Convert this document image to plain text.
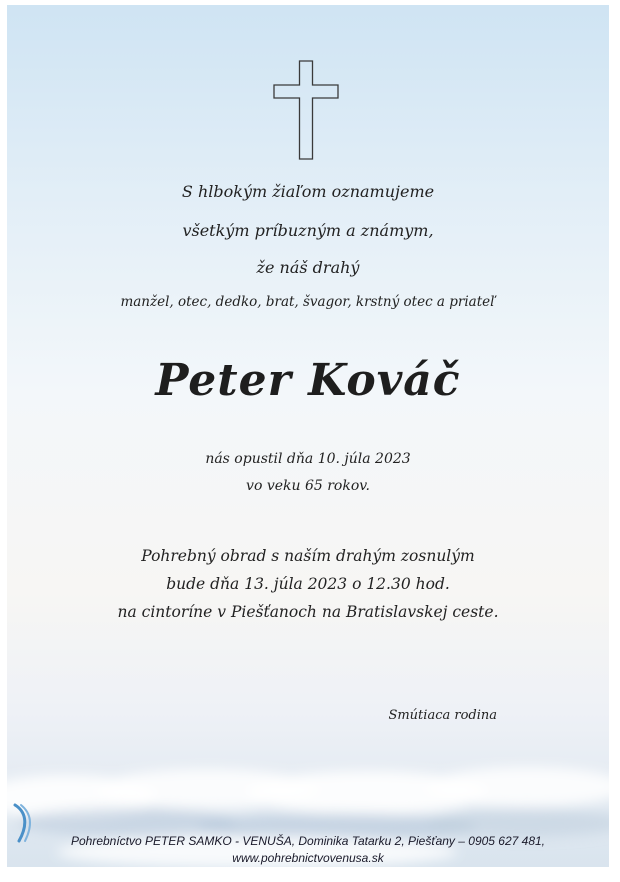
S hlbokým žiaľom oznamujeme
všetkým príbuzným a známym,
že náš drahý
manžel, otec, dedko, brat, švagor, krstný otec a priateľ
Peter Kováč
nás opustil dňa 10. júla 2023
vo veku 65 rokov.
Pohrebný obrad s naším drahým zosnulým
bude dňa 13. júla 2023 o 12.30 hod.
na cintoríne v Piešťanoch na Bratislavskej ceste.
Smútiaca rodina
Pohrebníctvo PETER SAMKO - VENUŠA, Dominika Tatarku 2, Piešťany – 0905 627 481,
www.pohrebnictvovenusa.sk
